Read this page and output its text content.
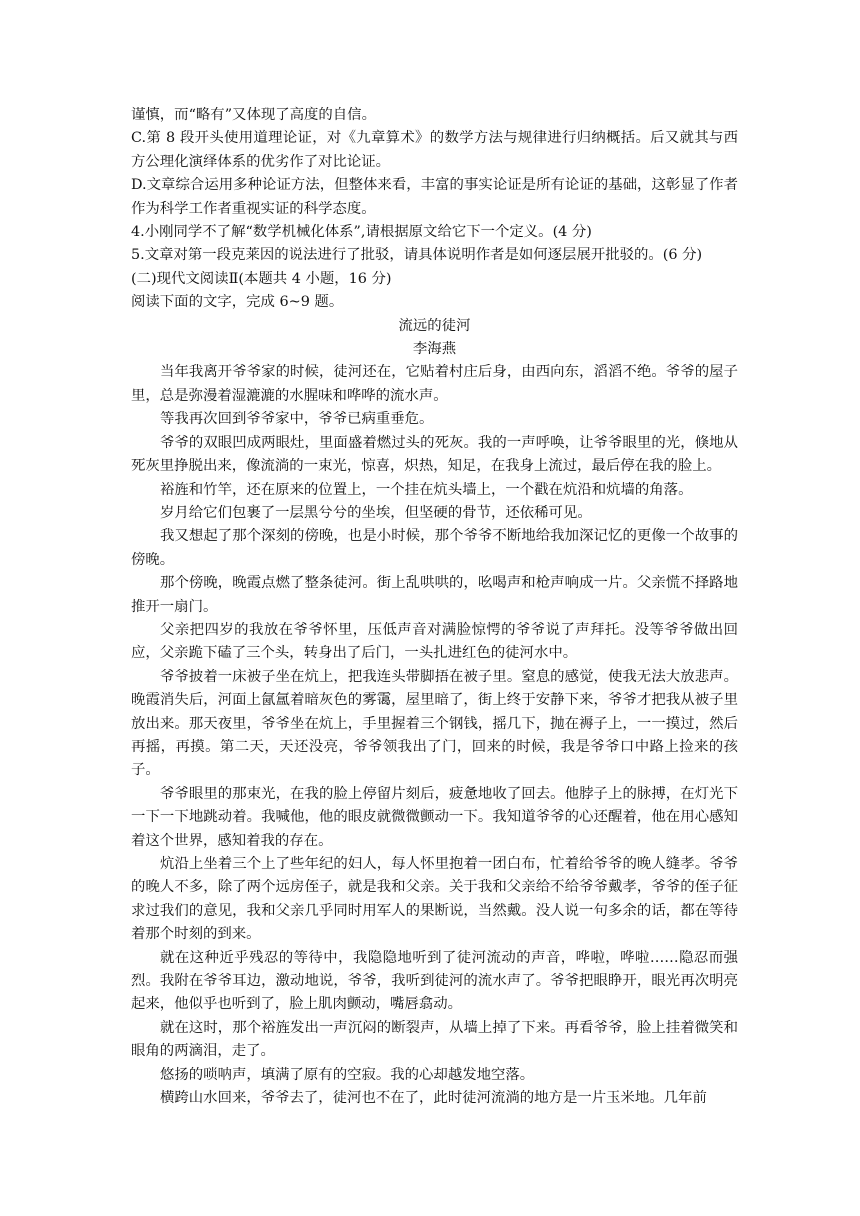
谨慎，而“略有”又体现了高度的自信。

C.第 8 段开头使用道理论证，对《九章算术》的数学方法与规律进行归纳概括。后又就其与西方公理化演绎体系的优劣作了对比论证。

D.文章综合运用多种论证方法，但整体来看，丰富的事实论证是所有论证的基础，这彰显了作者作为科学工作者重视实证的科学态度。

4.小刚同学不了解“数学机械化体系”,请根据原文给它下一个定义。(4 分)

5.文章对第一段克莱因的说法进行了批驳，请具体说明作者是如何逐层展开批驳的。(6 分)

(二)现代文阅读Ⅱ(本题共 4 小题，16 分)

阅读下面的文字，完成 6~9 题。

流远的徒河

李海燕

当年我离开爷爷家的时候，徒河还在，它贴着村庄后身，由西向东，滔滔不绝。爷爷的屋子里，总是弥漫着湿漉漉的水腥味和哗哗的流水声。

等我再次回到爷爷家中，爷爷已病重垂危。

爷爷的双眼凹成两眼灶，里面盛着燃过头的死灰。我的一声呼唤，让爷爷眼里的光，倏地从死灰里挣脱出来，像流淌的一束光，惊喜，炽热，知足，在我身上流过，最后停在我的脸上。

裕旌和竹竿，还在原来的位置上，一个挂在炕头墙上，一个戳在炕沿和炕墙的角落。

岁月给它们包裹了一层黑兮兮的坐埃，但坚硬的骨节，还依稀可见。

我又想起了那个深刻的傍晚，也是小时候，那个爷爷不断地给我加深记忆的更像一个故事的傍晚。

那个傍晚，晚霞点燃了整条徒河。街上乱哄哄的，吆喝声和枪声响成一片。父亲慌不择路地推开一扇门。

父亲把四岁的我放在爷爷怀里，压低声音对满脸惊愕的爷爷说了声拜托。没等爷爷做出回应，父亲跪下磕了三个头，转身出了后门，一头扎进红色的徒河水中。

爷爷披着一床被子坐在炕上，把我连头带脚捂在被子里。窒息的感觉，使我无法大放悲声。晚霞消失后，河面上氤氲着暗灰色的雾霭，屋里暗了，街上终于安静下来，爷爷才把我从被子里放出来。那天夜里，爷爷坐在炕上，手里握着三个钢钱，摇几下，抛在褥子上，一一摸过，然后再摇，再摸。第二天，天还没亮，爷爷领我出了门，回来的时候，我是爷爷口中路上捡来的孩子。

爷爷眼里的那束光，在我的脸上停留片刻后，疲惫地收了回去。他脖子上的脉搏，在灯光下一下一下地跳动着。我喊他，他的眼皮就微微颤动一下。我知道爷爷的心还醒着，他在用心感知着这个世界，感知着我的存在。

炕沿上坐着三个上了些年纪的妇人，每人怀里抱着一团白布，忙着给爷爷的晚人缝孝。爷爷的晚人不多，除了两个远房侄子，就是我和父亲。关于我和父亲给不给爷爷戴孝，爷爷的侄子征求过我们的意见，我和父亲几乎同时用军人的果断说，当然戴。没人说一句多余的话，都在等待着那个时刻的到来。

就在这种近乎残忍的等待中，我隐隐地听到了徒河流动的声音，哗啦，哗啦……隐忍而强烈。我附在爷爷耳边，激动地说，爷爷，我听到徒河的流水声了。爷爷把眼睁开，眼光再次明亮起来，他似乎也听到了，脸上肌肉颤动，嘴唇翕动。

就在这时，那个裕旌发出一声沉闷的断裂声，从墙上掉了下来。再看爷爷，脸上挂着微笑和眼角的两滴泪，走了。

悠扬的唢呐声，填满了原有的空寂。我的心却越发地空落。

横跨山水回来，爷爷去了，徒河也不在了，此时徒河流淌的地方是一片玉米地。几年前
